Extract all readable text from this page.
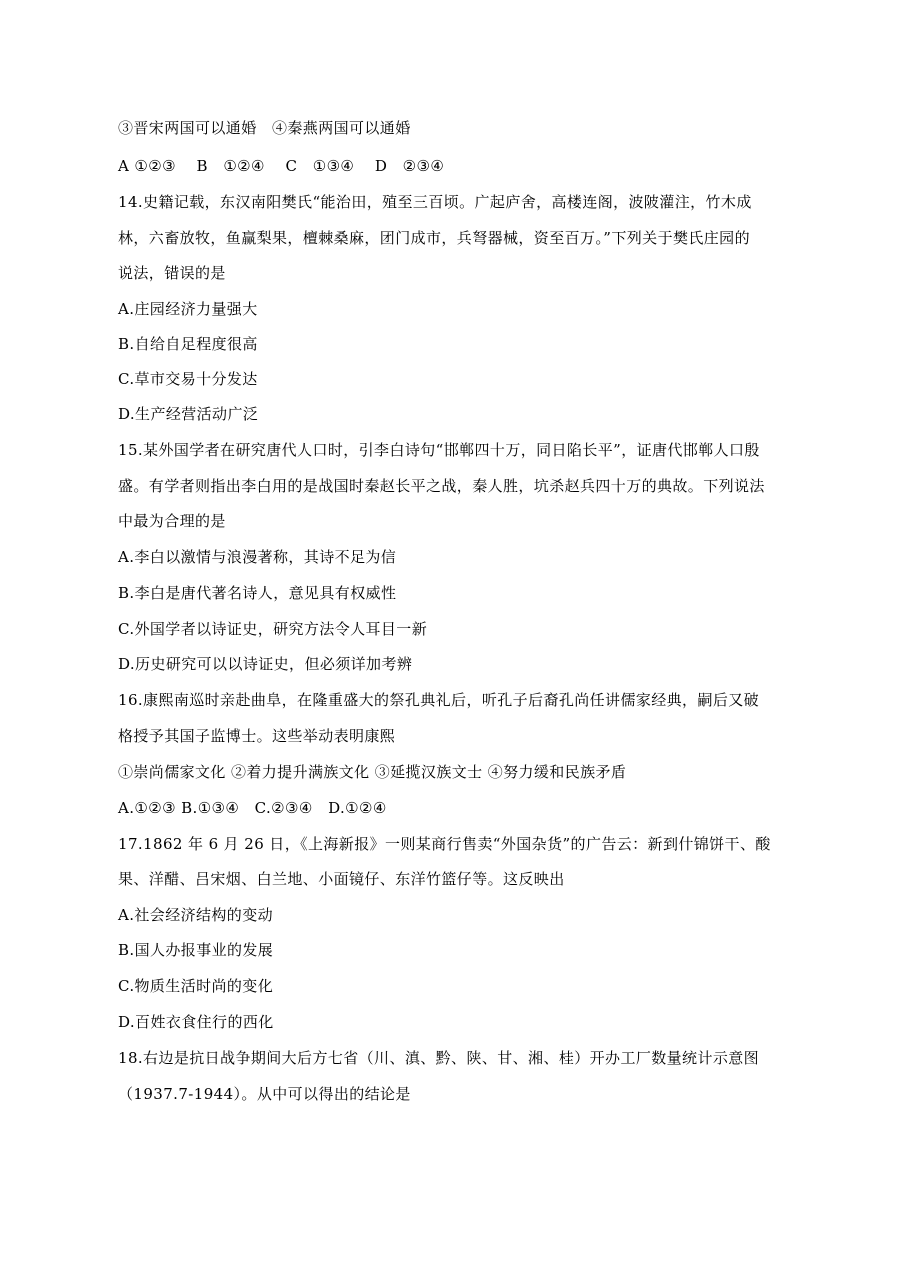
③晋宋两国可以通婚　④秦燕两国可以通婚
A ①②③　 B　①②④　 C　①③④　 D　②③④
14.史籍记载，东汉南阳樊氏“能治田，殖至三百顷。广起庐舍，高楼连阁，波陂灌注，竹木成
林，六畜放牧，鱼赢梨果，檀棘桑麻，团门成市，兵弩器械，资至百万。”下列关于樊氏庄园的
说法，错误的是
A.庄园经济力量强大
B.自给自足程度很高
C.草市交易十分发达
D.生产经营活动广泛
15.某外国学者在研究唐代人口时，引李白诗句“邯郸四十万，同日陷长平”，证唐代邯郸人口殷
盛。有学者则指出李白用的是战国时秦赵长平之战，秦人胜，坑杀赵兵四十万的典故。下列说法
中最为合理的是
A.李白以激情与浪漫著称，其诗不足为信
B.李白是唐代著名诗人，意见具有权威性
C.外国学者以诗证史，研究方法令人耳目一新
D.历史研究可以以诗证史，但必须详加考辨
16.康熙南巡时亲赴曲阜，在隆重盛大的祭孔典礼后，听孔子后裔孔尚任讲儒家经典，嗣后又破
格授予其国子监博士。这些举动表明康熙
①崇尚儒家文化 ②着力提升满族文化 ③延揽汉族文士 ④努力缓和民族矛盾
A.①②③ B.①③④　C.②③④　D.①②④
17.1862 年 6 月 26 日，《上海新报》一则某商行售卖“外国杂货”的广告云：新到什锦饼干、酸
果、洋醋、吕宋烟、白兰地、小面镜仔、东洋竹篮仔等。这反映出
A.社会经济结构的变动
B.国人办报事业的发展
C.物质生活时尚的变化
D.百姓衣食住行的西化
18.右边是抗日战争期间大后方七省（川、滇、黔、陕、甘、湘、桂）开办工厂数量统计示意图
（1937.7-1944）。从中可以得出的结论是
